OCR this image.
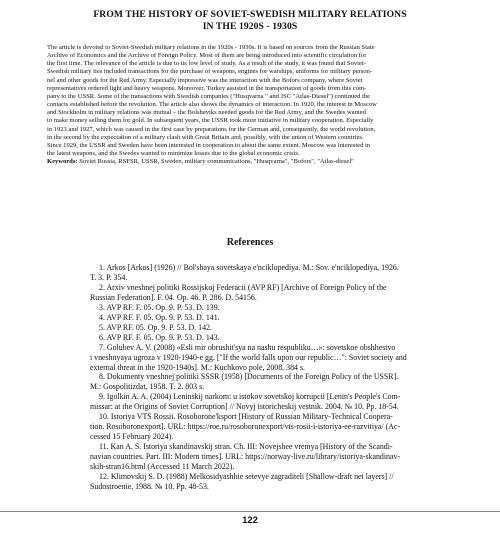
FROM THE HISTORY OF SOVIET-SWEDISH MILITARY RELATIONS
IN THE 1920S - 1930S
The article is devoted to Soviet-Swedish military relations in the 1920s - 1930s. It is based on sources from the Russian State
Archive of Economics and the Archive of Foreign Policy. Most of them are being introduced into scientific circulation for
the first time. The relevance of the article is due to its low level of study. As a result of the study, it was found that Soviet-
Swedish military ties included transactions for the purchase of weapons, engines for warships, uniforms for military person-
nel and other goods for the Red Army. Especially impressive was the interaction with the Bofors company, where Soviet
representatives ordered light and heavy weapons. Moreover, Turkey assisted in the transportation of goods from this com-
pany to the USSR. Some of the transactions with Swedish companies ("Husqvarna " and JSC "Atlas-Diesel") continued the
contacts established before the revolution. The article also shows the dynamics of interaction. In 1920, the interest in Moscow
and Stockholm in military relations was mutual – the Bolsheviks needed goods for the Red Army, and the Swedes wanted
to make money selling them for gold. In subsequent years, the USSR took more initiative in military cooperation. Especially
in 1923 and 1927, which was caused in the first case by preparations for the German and, consequently, the world revolution,
in the second by the expectation of a military clash with Great Britain and, possibly, with the union of Western countries.
Since 1929, the USSR and Sweden have been interested in cooperation to about the same extent. Moscow was interested in
the latest weapons, and the Swedes wanted to minimize losses due to the global economic crisis.
Keywords: Soviet Russia, RSFSR, USSR, Sweden, military communications, "Husqvarna", "Bofors", "Atlas-diesel"
References
1. Arkos [Arkos] (1926) // Bol'shaya sovetskaya e'nciklopediya. M.: Sov. e'nciklopediya, 1926.
T. 3. P. 354.
2. Arxiv vneshnej politiki Rossijskoj Federacii (AVP RF) [Archive of Foreign Policy of the
Russian Federation]. F. 04. Op. 46. P. 286. D. 54156.
3. AVP RF. F. 05. Op. 9. P. 53. D. 139.
4. AVP RF. F. 05. Op. 9. P. 53. D. 141.
5. AVP RF. 05. Op. 9. P. 53. D. 142.
6. AVP RF. F. 05. Op. 9. P. 53. D. 143.
7. Golubev A. V. (2008) «Esli mir obrushit'sya na nashu respubliku…»: sovetskoe obshhestvo
i vneshnyaya ugroza v 1920-1940-e gg. ["If the world falls upon our republic…": Soviet society and
external threat in the 1920-1940s]. M.: Kuchkovo pole, 2008. 384 s.
8. Dokumenty vneshnej politiki SSSR (1958) [Documents of the Foreign Policy of the USSR].
M.: Gospolitizdat, 1958. T. 2. 803 s.
9. Igolkin A. A. (2004) Leninskij narkom: u istokov sovetskoj korrupcii [Lenin's People's Com-
missar: at the Origins of Soviet Corruption] // Novyj istoricheskij vestnik. 2004. № 10. Pp. 18-54.
10. Istoriya VTS Rossii. Rosoborone'ksport [History of Russian Military-Technical Coopera-
tion. Rosoboronexport]. URL: https://roe.ru/rosoboronexport/vts-rosii-i-istoriya-ee-razvitiya/ (Ac-
cessed 15 February 2024).
11. Kan A. S. Istoriya skandinavskij stran. Ch. III: Novejshee vremya [History of the Scandi-
navian countries. Part. III: Modern times]. URL: https://norway-live.ru/library/istoriya-skandinav-
skih-stran16.html (Accessed 11 March 2022).
12. Klimovskij S. D. (1988) Melkosidyashhie setevye zagraditeli [Shallow-draft net layers] //
Sudostroenie. 1988. № 10. Pp. 48-53.
122
